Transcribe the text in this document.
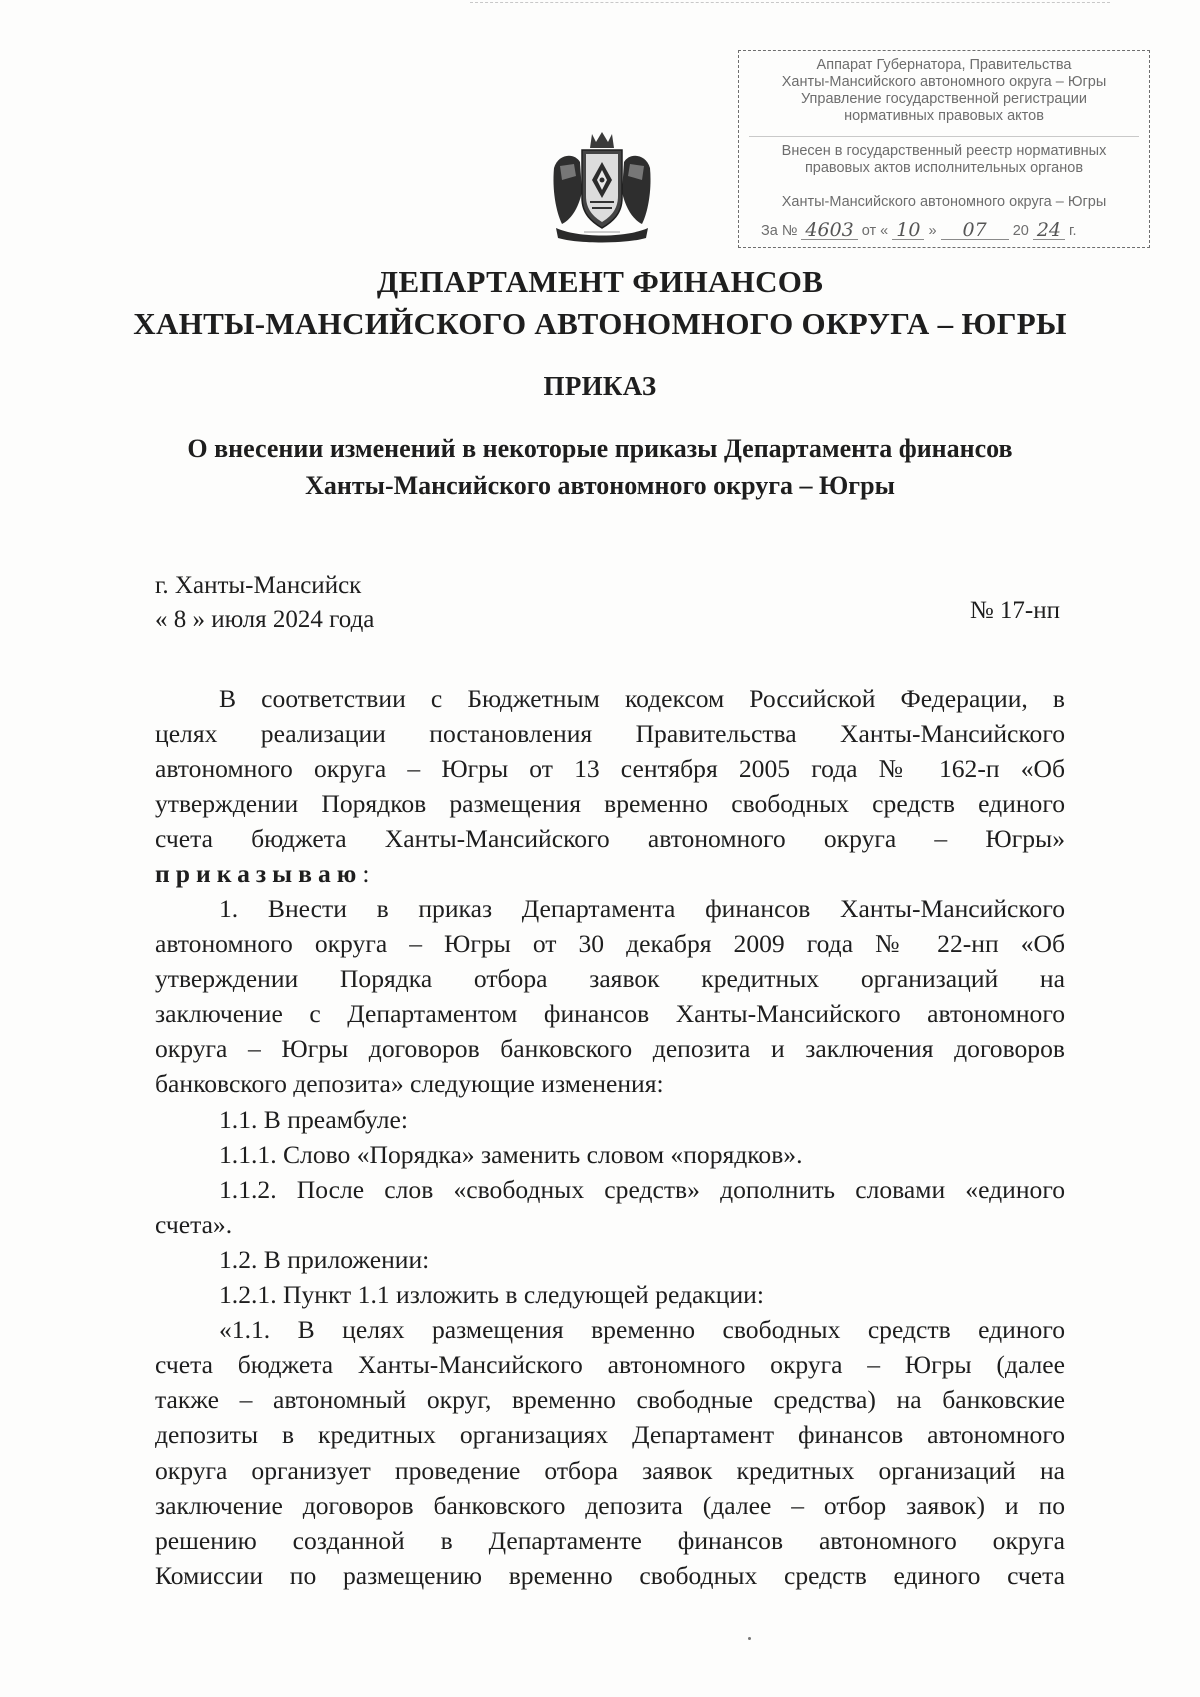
Аппарат Губернатора, Правительства
Ханты-Мансийского автономного округа – Югры
Управление государственной регистрации
нормативных правовых актов
Внесен в государственный реестр нормативных
правовых актов исполнительных органов
Ханты-Мансийского автономного округа – Югры
За № 4603 от « 10 »	07	20 24 г.
ДЕПАРТАМЕНТ ФИНАНСОВ
ХАНТЫ-МАНСИЙСКОГО АВТОНОМНОГО ОКРУГА – ЮГРЫ
ПРИКАЗ
О внесении изменений в некоторые приказы Департамента финансов
Ханты-Мансийского автономного округа – Югры
г. Ханты-Мансийск
« 8 » июля 2024 года	№ 17-нп

В соответствии с Бюджетным кодексом Российской Федерации, в

целях реализации постановления Правительства Ханты-Мансийского

автономного округа – Югры от 13 сентября 2005 года № 162-п «Об

утверждении Порядков размещения временно свободных средств единого

счета бюджета Ханты-Мансийского автономного округа – Югры»

приказываю:

1. Внести в приказ Департамента финансов Ханты-Мансийского

автономного округа – Югры от 30 декабря 2009 года № 22-нп «Об

утверждении Порядка отбора заявок кредитных организаций на

заключение с Департаментом финансов Ханты-Мансийского автономного

округа – Югры договоров банковского депозита и заключения договоров

банковского депозита» следующие изменения:

1.1. В преамбуле:

1.1.1. Слово «Порядка» заменить словом «порядков».

1.1.2. После слов «свободных средств» дополнить словами «единого

счета».

1.2. В приложении:

1.2.1. Пункт 1.1 изложить в следующей редакции:

«1.1. В целях размещения временно свободных средств единого

счета бюджета Ханты-Мансийского автономного округа – Югры (далее

также – автономный округ, временно свободные средства) на банковские

депозиты в кредитных организациях Департамент финансов автономного

округа организует проведение отбора заявок кредитных организаций на

заключение договоров банковского депозита (далее – отбор заявок) и по

решению созданной в Департаменте финансов автономного округа

Комиссии по размещению временно свободных средств единого счета
